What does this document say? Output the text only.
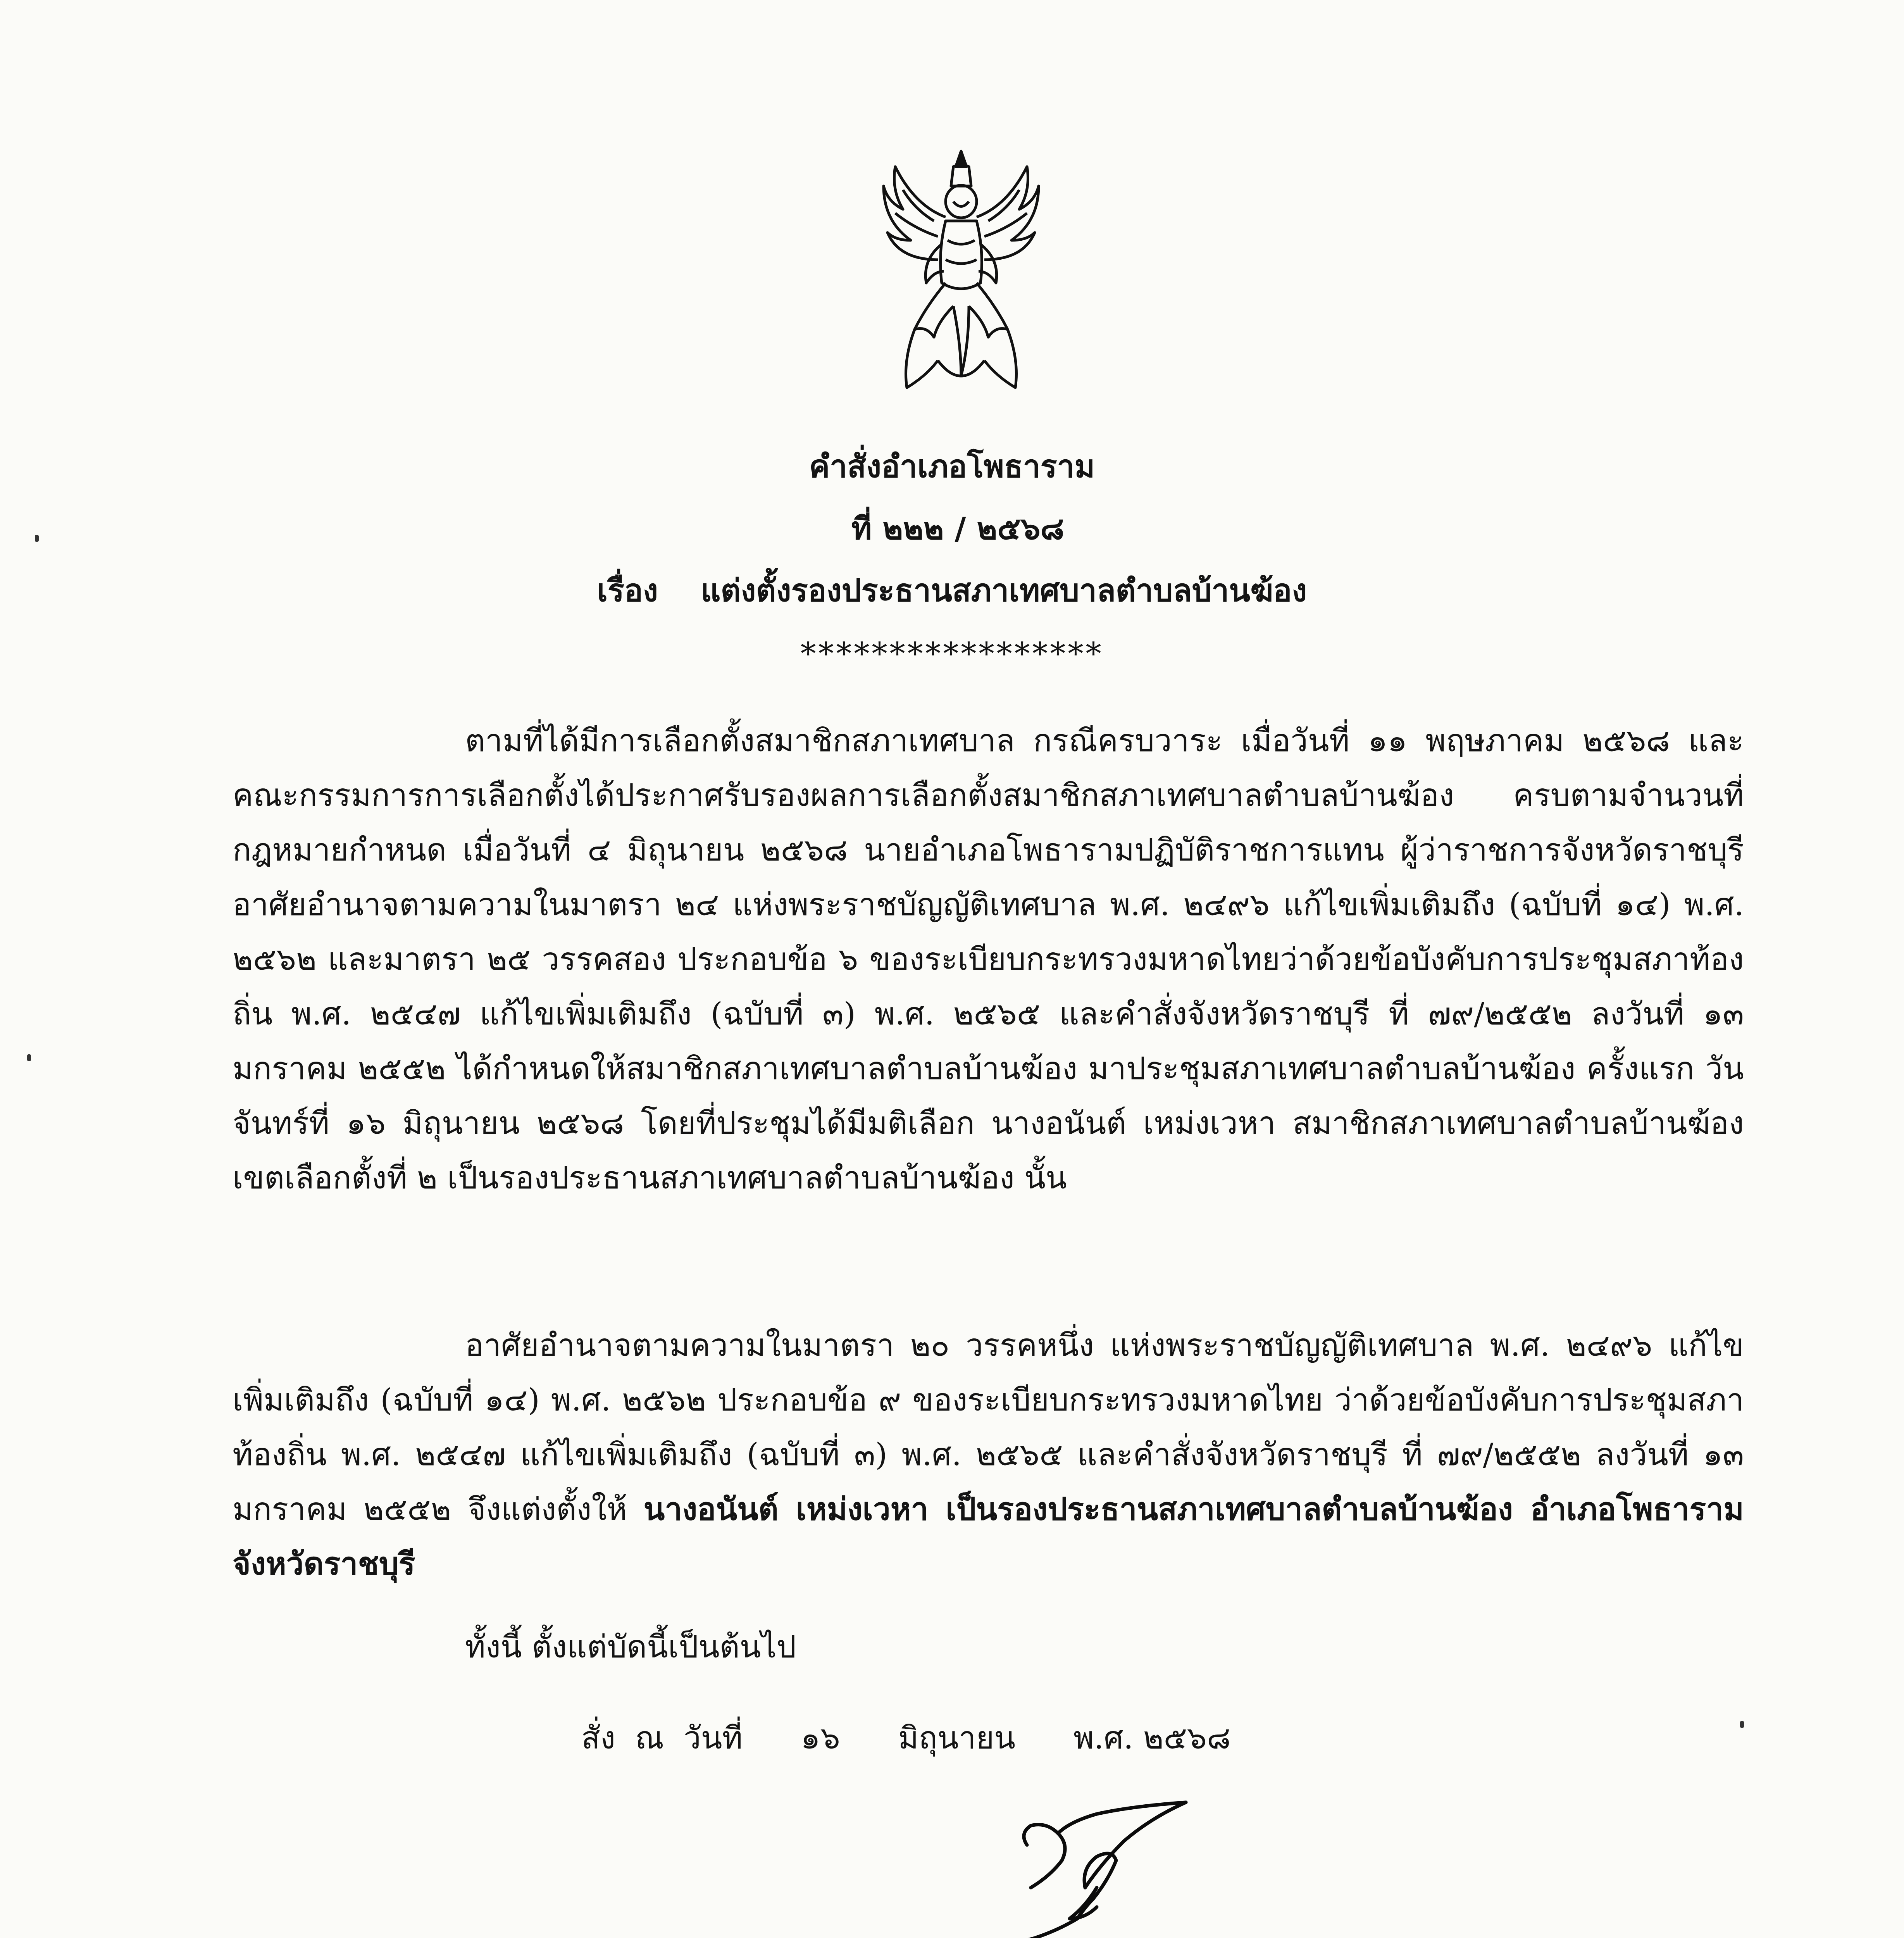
คำสั่งอำเภอโพธาราม
ที่ ๒๒๒ / ๒๕๖๘
เรื่อง แต่งตั้งรองประธานสภาเทศบาลตำบลบ้านฆ้อง
*****************
ตามที่ได้มีการเลือกตั้งสมาชิกสภาเทศบาล กรณีครบวาระ เมื่อวันที่ ๑๑ พฤษภาคม ๒๕๖๘ และคณะกรรมการการเลือกตั้งได้ประกาศรับรองผลการเลือกตั้งสมาชิกสภาเทศบาลตำบลบ้านฆ้อง ครบตามจำนวนที่กฎหมายกำหนด เมื่อวันที่ ๔ มิถุนายน ๒๕๖๘ นายอำเภอโพธารามปฏิบัติราชการแทน ผู้ว่าราชการจังหวัดราชบุรี อาศัยอำนาจตามความในมาตรา ๒๔ แห่งพระราชบัญญัติเทศบาล พ.ศ. ๒๔๙๖ แก้ไขเพิ่มเติมถึง (ฉบับที่ ๑๔) พ.ศ. ๒๕๖๒ และมาตรา ๒๕ วรรคสอง ประกอบข้อ ๖ ของระเบียบกระทรวงมหาดไทยว่าด้วยข้อบังคับการประชุมสภาท้องถิ่น พ.ศ. ๒๕๔๗ แก้ไขเพิ่มเติมถึง (ฉบับที่ ๓) พ.ศ. ๒๕๖๕ และคำสั่งจังหวัดราชบุรี ที่ ๗๙/๒๕๕๒ ลงวันที่ ๑๓ มกราคม ๒๕๕๒ ได้กำหนดให้สมาชิกสภาเทศบาลตำบลบ้านฆ้อง มาประชุมสภาเทศบาลตำบลบ้านฆ้อง ครั้งแรก วันจันทร์ที่ ๑๖ มิถุนายน ๒๕๖๘ โดยที่ประชุมได้มีมติเลือก นางอนันต์ เหม่งเวหา สมาชิกสภาเทศบาลตำบลบ้านฆ้อง เขตเลือกตั้งที่ ๒ เป็นรองประธานสภาเทศบาลตำบลบ้านฆ้อง นั้น
อาศัยอำนาจตามความในมาตรา ๒๐ วรรคหนึ่ง แห่งพระราชบัญญัติเทศบาล พ.ศ. ๒๔๙๖ แก้ไขเพิ่มเติมถึง (ฉบับที่ ๑๔) พ.ศ. ๒๕๖๒ ประกอบข้อ ๙ ของระเบียบกระทรวงมหาดไทย ว่าด้วยข้อบังคับการประชุมสภาท้องถิ่น พ.ศ. ๒๕๔๗ แก้ไขเพิ่มเติมถึง (ฉบับที่ ๓) พ.ศ. ๒๕๖๕ และคำสั่งจังหวัดราชบุรี ที่ ๗๙/๒๕๕๒ ลงวันที่ ๑๓ มกราคม ๒๕๕๒ จึงแต่งตั้งให้ นางอนันต์ เหม่งเวหา เป็นรองประธานสภาเทศบาลตำบลบ้านฆ้อง อำเภอโพธาราม จังหวัดราชบุรี
ทั้งนี้ ตั้งแต่บัดนี้เป็นต้นไป
สั่ง  ณ  วันที่ ๑๖ มิถุนายน พ.ศ. ๒๕๖๘
